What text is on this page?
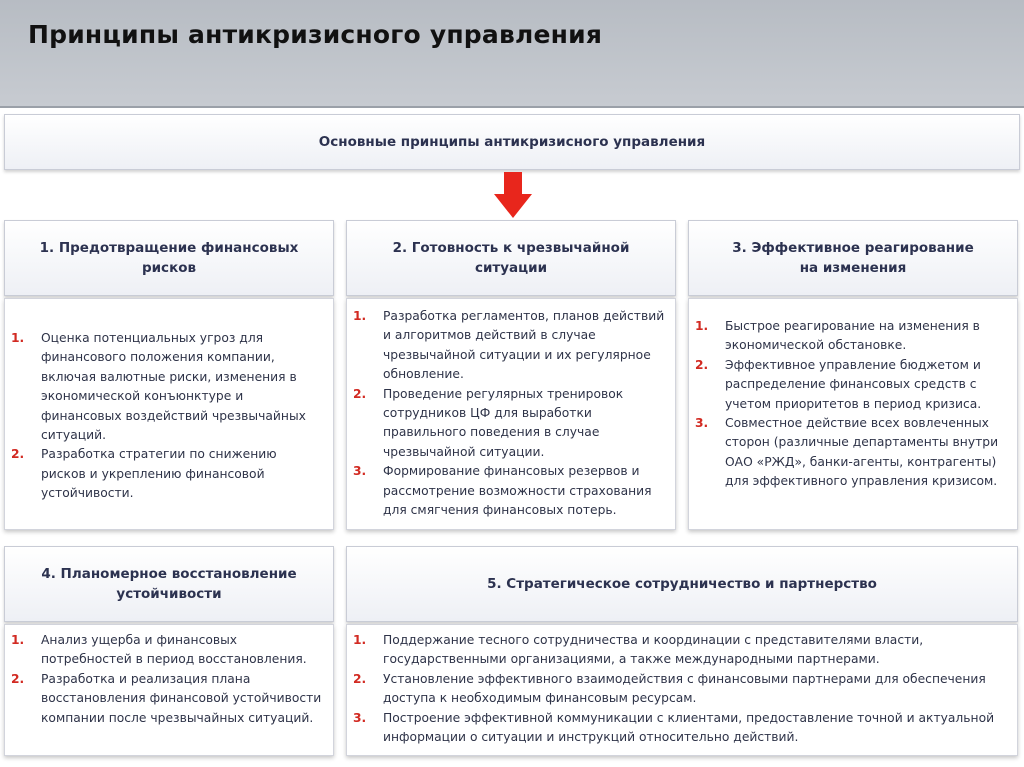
Принципы антикризисного управления
Основные принципы антикризисного управления
1. Предотвращение финансовых рисков
1.	Оценка потенциальных угроз для финансового положения компании, включая валютные риски, изменения в экономической конъюнктуре и финансовых воздействий чрезвычайных ситуаций.
2.	Разработка стратегии по снижению рисков и укреплению финансовой устойчивости.
2. Готовность к чрезвычайной ситуации
1.	Разработка регламентов, планов действий и алгоритмов действий в случае чрезвычайной ситуации и их регулярное обновление.
2.	Проведение регулярных тренировок сотрудников ЦФ для выработки правильного поведения в случае чрезвычайной ситуации.
3.	Формирование финансовых резервов и рассмотрение возможности страхования для смягчения финансовых потерь.
3. Эффективное реагирование на изменения
1.	Быстрое реагирование на изменения в экономической обстановке.
2.	Эффективное управление бюджетом и распределение финансовых средств с учетом приоритетов в период кризиса.
3.	Совместное действие всех вовлеченных сторон (различные департаменты внутри ОАО «РЖД», банки-агенты, контрагенты) для эффективного управления кризисом.
4. Планомерное восстановление устойчивости
1.	Анализ ущерба и финансовых потребностей в период восстановления.
2.	Разработка и реализация плана восстановления финансовой устойчивости компании после чрезвычайных ситуаций.
5. Стратегическое сотрудничество и партнерство
1.	Поддержание тесного сотрудничества и координации с представителями власти, государственными организациями, а также международными партнерами.
2.	Установление эффективного взаимодействия с финансовыми партнерами для обеспечения доступа к необходимым финансовым ресурсам.
3.	Построение эффективной коммуникации с клиентами, предоставление точной и актуальной информации о ситуации и инструкций относительно действий.
